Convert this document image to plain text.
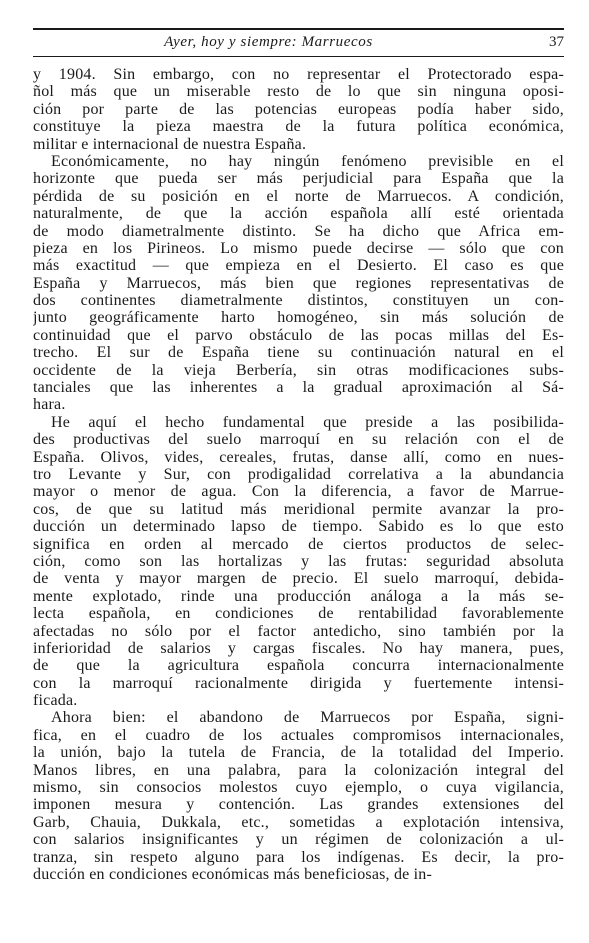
Ayer, hoy y siempre: Marruecos	37
y 1904. Sin embargo, con no representar el Protectorado espa-
ñol más que un miserable resto de lo que sin ninguna oposi-
ción por parte de las potencias europeas podía haber sido,
constituye la pieza maestra de la futura política económica,
militar e internacional de nuestra España.
Económicamente, no hay ningún fenómeno previsible en el
horizonte que pueda ser más perjudicial para España que la
pérdida de su posición en el norte de Marruecos. A condición,
naturalmente, de que la acción española allí esté orientada
de modo diametralmente distinto. Se ha dicho que Africa em-
pieza en los Pirineos. Lo mismo puede decirse — sólo que con
más exactitud — que empieza en el Desierto. El caso es que
España y Marruecos, más bien que regiones representativas de
dos continentes diametralmente distintos, constituyen un con-
junto geográficamente harto homogéneo, sin más solución de
continuidad que el parvo obstáculo de las pocas millas del Es-
trecho. El sur de España tiene su continuación natural en el
occidente de la vieja Berbería, sin otras modificaciones subs-
tanciales que las inherentes a la gradual aproximación al Sá-
hara.
He aquí el hecho fundamental que preside a las posibilida-
des productivas del suelo marroquí en su relación con el de
España. Olivos, vides, cereales, frutas, danse allí, como en nues-
tro Levante y Sur, con prodigalidad correlativa a la abundancia
mayor o menor de agua. Con la diferencia, a favor de Marrue-
cos, de que su latitud más meridional permite avanzar la pro-
ducción un determinado lapso de tiempo. Sabido es lo que esto
significa en orden al mercado de ciertos productos de selec-
ción, como son las hortalizas y las frutas: seguridad absoluta
de venta y mayor margen de precio. El suelo marroquí, debida-
mente explotado, rinde una producción análoga a la más se-
lecta española, en condiciones de rentabilidad favorablemente
afectadas no sólo por el factor antedicho, sino también por la
inferioridad de salarios y cargas fiscales. No hay manera, pues,
de que la agricultura española concurra internacionalmente
con la marroquí racionalmente dirigida y fuertemente intensi-
ficada.
Ahora bien: el abandono de Marruecos por España, signi-
fica, en el cuadro de los actuales compromisos internacionales,
la unión, bajo la tutela de Francia, de la totalidad del Imperio.
Manos libres, en una palabra, para la colonización integral del
mismo, sin consocios molestos cuyo ejemplo, o cuya vigilancia,
imponen mesura y contención. Las grandes extensiones del
Garb, Chauia, Dukkala, etc., sometidas a explotación intensiva,
con salarios insignificantes y un régimen de colonización a ul-
tranza, sin respeto alguno para los indígenas. Es decir, la pro-
ducción en condiciones económicas más beneficiosas, de in-
